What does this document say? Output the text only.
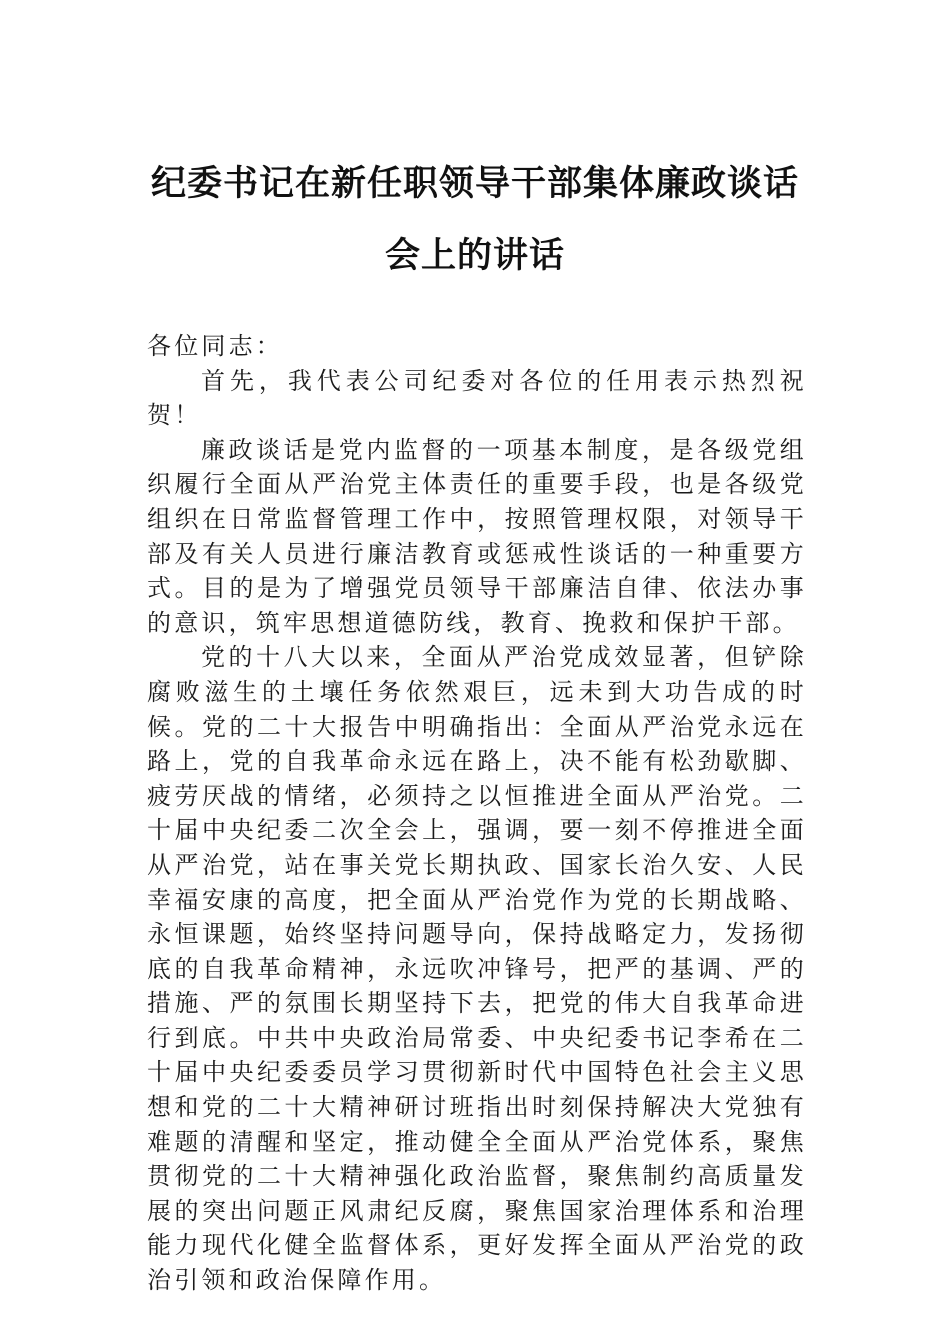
纪委书记在新任职领导干部集体廉政谈话
会上的讲话

各位同志：

首先，我代表公司纪委对各位的任用表示热烈祝贺！

廉政谈话是党内监督的一项基本制度，是各级党组织履行全面从严治党主体责任的重要手段，也是各级党组织在日常监督管理工作中，按照管理权限，对领导干部及有关人员进行廉洁教育或惩戒性谈话的一种重要方式。目的是为了增强党员领导干部廉洁自律、依法办事的意识，筑牢思想道德防线，教育、挽救和保护干部。

党的十八大以来，全面从严治党成效显著，但铲除腐败滋生的土壤任务依然艰巨，远未到大功告成的时候。党的二十大报告中明确指出：全面从严治党永远在路上，党的自我革命永远在路上，决不能有松劲歇脚、疲劳厌战的情绪，必须持之以恒推进全面从严治党。二十届中央纪委二次全会上，强调，要一刻不停推进全面从严治党，站在事关党长期执政、国家长治久安、人民幸福安康的高度，把全面从严治党作为党的长期战略、永恒课题，始终坚持问题导向，保持战略定力，发扬彻底的自我革命精神，永远吹冲锋号，把严的基调、严的措施、严的氛围长期坚持下去，把党的伟大自我革命进行到底。中共中央政治局常委、中央纪委书记李希在二十届中央纪委委员学习贯彻新时代中国特色社会主义思想和党的二十大精神研讨班指出时刻保持解决大党独有难题的清醒和坚定，推动健全全面从严治党体系，聚焦贯彻党的二十大精神强化政治监督，聚焦制约高质量发展的突出问题正风肃纪反腐，聚焦国家治理体系和治理能力现代化健全监督体系，更好发挥全面从严治党的政治引领和政治保障作用。
